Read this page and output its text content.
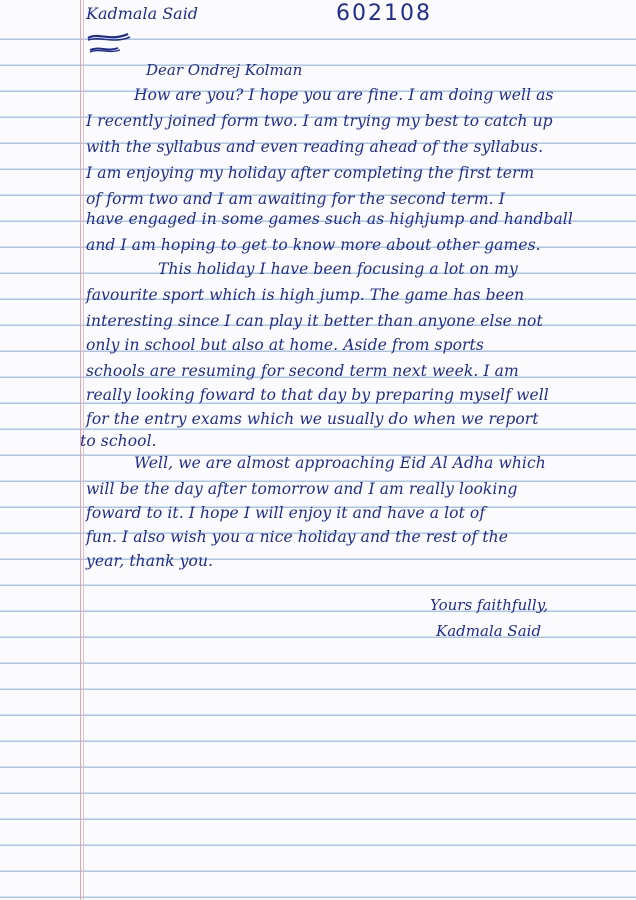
Kadmala Said	602108
Dear Ondrej Kolman
How are you? I hope you are fine. I am doing well as
I recently joined form two. I am trying my best to catch up
with the syllabus and even reading ahead of the syllabus.
I am enjoying my holiday after completing the first term
of form two and I am awaiting for the second term. I
have engaged in some games such as highjump and handball
and I am hoping to get to know more about other games.
This holiday I have been focusing a lot on my
favourite sport which is high jump. The game has been
interesting since I can play it better than anyone else not
only in school but also at home. Aside from sports
schools are resuming for second term next week. I am
really looking foward to that day by preparing myself well
for the entry exams which we usually do when we report
to school.
Well, we are almost approaching Eid Al Adha which
will be the day after tomorrow and I am really looking
foward to it. I hope I will enjoy it and have a lot of
fun. I also wish you a nice holiday and the rest of the
year, thank you.
Yours faithfully,
Kadmala Said
